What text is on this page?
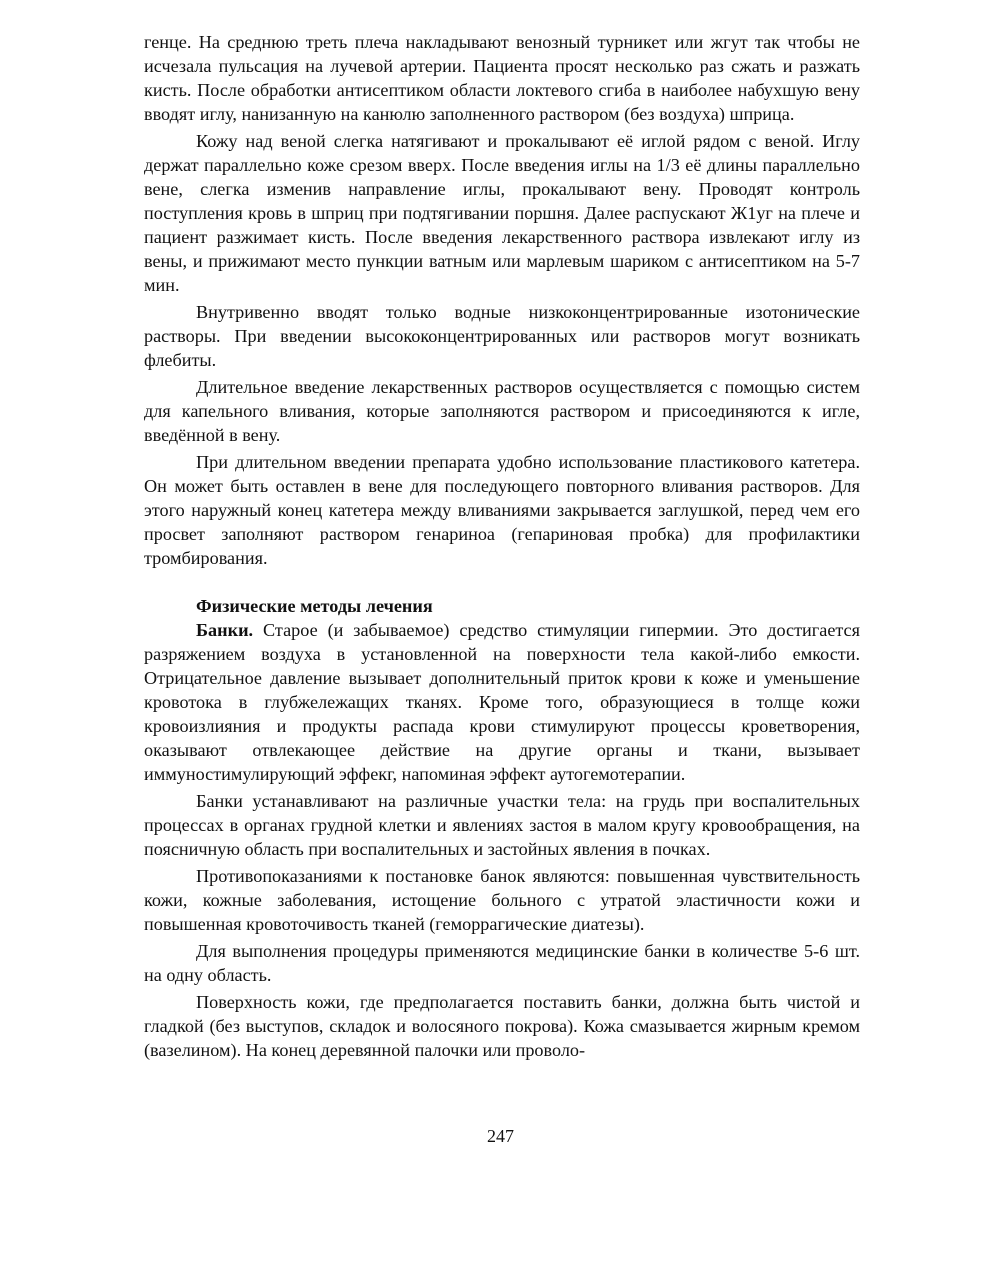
генце. На среднюю треть плеча накладывают венозный турникет или жгут так чтобы не исчезала пульсация на лучевой артерии. Пациента просят несколько раз сжать и разжать кисть. После обработки антисептиком области локтевого сгиба в наиболее набухшую вену вводят иглу, нанизанную на канюлю заполненного раствором (без воздуха) шприца.

Кожу над веной слегка натягивают и прокалывают её иглой рядом с веной. Иглу держат параллельно коже срезом вверх. После введения иглы на 1/3 её длины параллельно вене, слегка изменив направление иглы, прокалывают вену. Проводят контроль поступления кровь в шприц при подтягивании поршня. Далее распускают Ж1уг на плече и пациент разжимает кисть. После введения лекарственного раствора извлекают иглу из вены, и прижимают место пункции ватным или марлевым шариком с антисептиком на 5-7 мин.

Внутривенно вводят только водные низкоконцентрированные изотонические растворы. При введении высококонцентрированных или растворов могут возникать флебиты.

Длительное введение лекарственных растворов осуществляется с помощью систем для капельного вливания, которые заполняются раствором и присоединяются к игле, введённой в вену.

При длительном введении препарата удобно использование пластикового катетера. Он может быть оставлен в вене для последующего повторного вливания растворов. Для этого наружный конец катетера между вливаниями закрывается заглушкой, перед чем его просвет заполняют раствором генариноа (гепариновая пробка) для профилактики тромбирования.

Физические методы лечения

Банки. Старое (и забываемое) средство стимуляции гипермии. Это достигается разряжением воздуха в установленной на поверхности тела какой-либо емкости. Отрицательное давление вызывает дополнительный приток крови к коже и уменьшение кровотока в глубжележащих тканях. Кроме того, образующиеся в толще кожи кровоизлияния и продукты распада крови стимулируют процессы кроветворения, оказывают отвлекающее действие на другие органы и ткани, вызывает иммуностимулирующий эффекг, напоминая эффект аутогемотерапии.

Банки устанавливают на различные участки тела: на грудь при воспалительных процессах в органах грудной клетки и явлениях застоя в малом кругу кровообращения, на поясничную область при воспалительных и застойных явления в почках.

Противопоказаниями к постановке банок являются: повышенная чувствительность кожи, кожные заболевания, истощение больного с утратой эластичности кожи и повышенная кровоточивость тканей (геморрагические диатезы).

Для выполнения процедуры применяются медицинские банки в количестве 5-6 шт. на одну область.

Поверхность кожи, где предполагается поставить банки, должна быть чистой и гладкой (без выступов, складок и волосяного покрова). Кожа смазывается жирным кремом (вазелином). На конец деревянной палочки или проволо-

247
